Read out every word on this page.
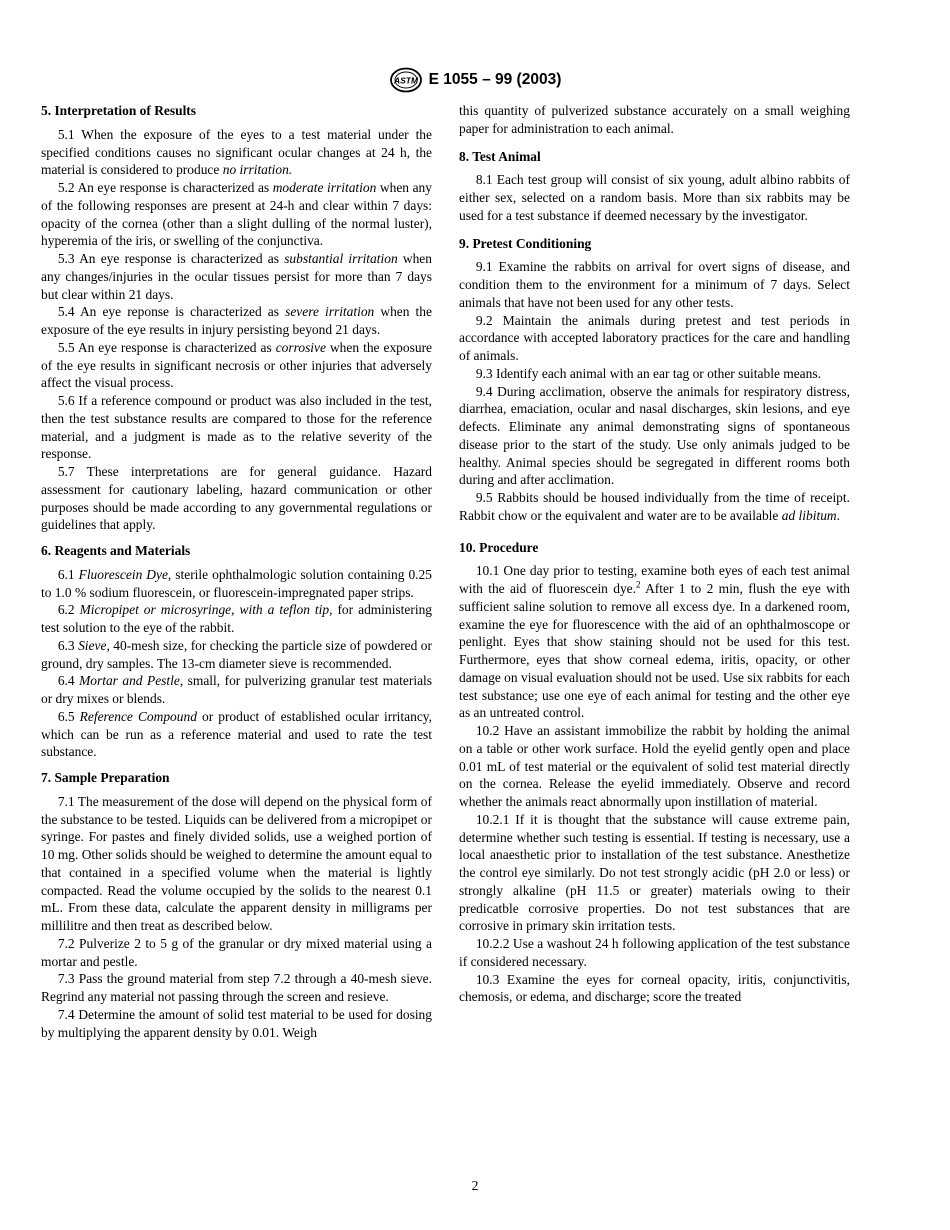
ASTM E 1055 – 99 (2003)
5. Interpretation of Results

5.1 When the exposure of the eyes to a test material under the specified conditions causes no significant ocular changes at 24 h, the material is considered to produce no irritation.

5.2 An eye response is characterized as moderate irritation when any of the following responses are present at 24-h and clear within 7 days: opacity of the cornea (other than a slight dulling of the normal luster), hyperemia of the iris, or swelling of the conjunctiva.

5.3 An eye response is characterized as substantial irritation when any changes/injuries in the ocular tissues persist for more than 7 days but clear within 21 days.

5.4 An eye reponse is characterized as severe irritation when the exposure of the eye results in injury persisting beyond 21 days.

5.5 An eye response is characterized as corrosive when the exposure of the eye results in significant necrosis or other injuries that adversely affect the visual process.

5.6 If a reference compound or product was also included in the test, then the test substance results are compared to those for the reference material, and a judgment is made as to the relative severity of the response.

5.7 These interpretations are for general guidance. Hazard assessment for cautionary labeling, hazard communication or other purposes should be made according to any governmental regulations or guidelines that apply.

6. Reagents and Materials

6.1 Fluorescein Dye, sterile ophthalmologic solution containing 0.25 to 1.0 % sodium fluorescein, or fluorescein-impregnated paper strips.

6.2 Micropipet or microsyringe, with a teflon tip, for administering test solution to the eye of the rabbit.

6.3 Sieve, 40-mesh size, for checking the particle size of powdered or ground, dry samples. The 13-cm diameter sieve is recommended.

6.4 Mortar and Pestle, small, for pulverizing granular test materials or dry mixes or blends.

6.5 Reference Compound or product of established ocular irritancy, which can be run as a reference material and used to rate the test substance.

7. Sample Preparation

7.1 The measurement of the dose will depend on the physical form of the substance to be tested. Liquids can be delivered from a micropipet or syringe. For pastes and finely divided solids, use a weighed portion of 10 mg. Other solids should be weighed to determine the amount equal to that contained in a specified volume when the material is lightly compacted. Read the volume occupied by the solids to the nearest 0.1 mL. From these data, calculate the apparent density in milligrams per millilitre and then treat as described below.

7.2 Pulverize 2 to 5 g of the granular or dry mixed material using a mortar and pestle.

7.3 Pass the ground material from step 7.2 through a 40-mesh sieve. Regrind any material not passing through the screen and resieve.

7.4 Determine the amount of solid test material to be used for dosing by multiplying the apparent density by 0.01. Weigh

this quantity of pulverized substance accurately on a small weighing paper for administration to each animal.

8. Test Animal

8.1 Each test group will consist of six young, adult albino rabbits of either sex, selected on a random basis. More than six rabbits may be used for a test substance if deemed necessary by the investigator.

9. Pretest Conditioning

9.1 Examine the rabbits on arrival for overt signs of disease, and condition them to the environment for a minimum of 7 days. Select animals that have not been used for any other tests.

9.2 Maintain the animals during pretest and test periods in accordance with accepted laboratory practices for the care and handling of animals.

9.3 Identify each animal with an ear tag or other suitable means.

9.4 During acclimation, observe the animals for respiratory distress, diarrhea, emaciation, ocular and nasal discharges, skin lesions, and eye defects. Eliminate any animal demonstrating signs of spontaneous disease prior to the start of the study. Use only animals judged to be healthy. Animal species should be segregated in different rooms both during and after acclimation.

9.5 Rabbits should be housed individually from the time of receipt. Rabbit chow or the equivalent and water are to be available ad libitum.

10. Procedure

10.1 One day prior to testing, examine both eyes of each test animal with the aid of fluorescein dye.$^2$ After 1 to 2 min, flush the eye with sufficient saline solution to remove all excess dye. In a darkened room, examine the eye for fluorescence with the aid of an ophthalmoscope or penlight. Eyes that show staining should not be used for this test. Furthermore, eyes that show corneal edema, iritis, opacity, or other damage on visual evaluation should not be used. Use six rabbits for each test substance; use one eye of each animal for testing and the other eye as an untreated control.

10.2 Have an assistant immobilize the rabbit by holding the animal on a table or other work surface. Hold the eyelid gently open and place 0.01 mL of test material or the equivalent of solid test material directly on the cornea. Release the eyelid immediately. Observe and record whether the animals react abnormally upon instillation of material.

10.2.1 If it is thought that the substance will cause extreme pain, determine whether such testing is essential. If testing is necessary, use a local anaesthetic prior to installation of the test substance. Anesthetize the control eye similarly. Do not test strongly acidic (pH 2.0 or less) or strongly alkaline (pH 11.5 or greater) materials owing to their predicatble corrosive properties. Do not test substances that are corrosive in primary skin irritation tests.

10.2.2 Use a washout 24 h following application of the test substance if considered necessary.

10.3 Examine the eyes for corneal opacity, iritis, conjunctivitis, chemosis, or edema, and discharge; score the treated

2
